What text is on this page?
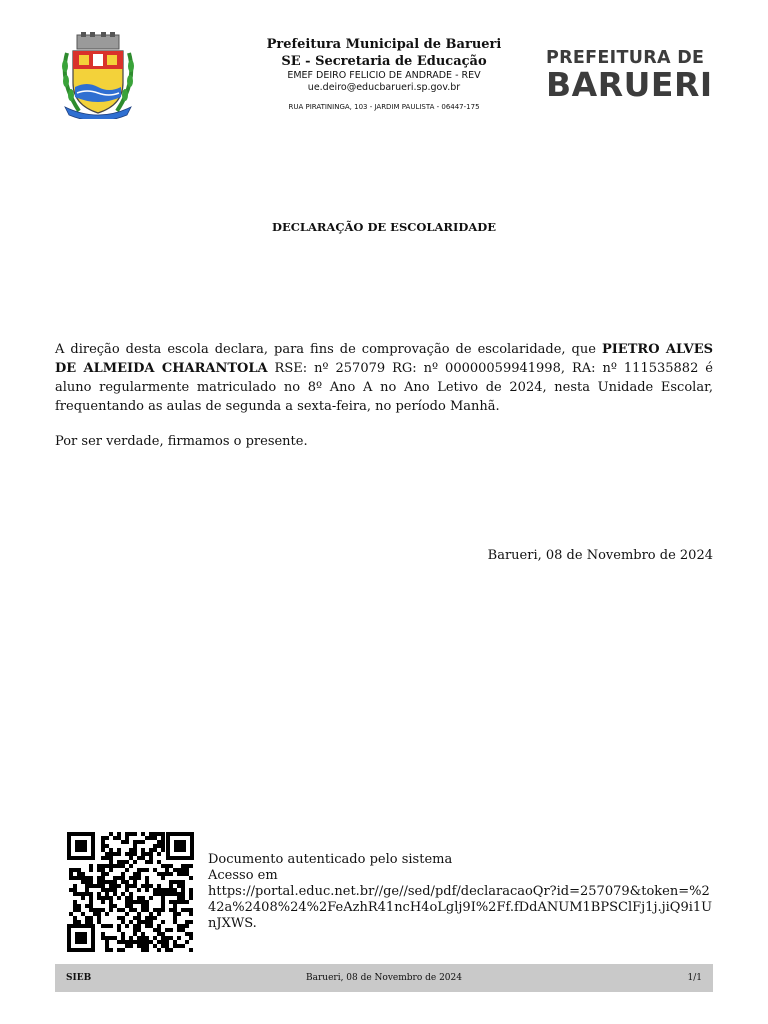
Prefeitura Municipal de Barueri
SE - Secretaria de Educação
EMEF DEIRO FELICIO DE ANDRADE - REV
ue.deiro@educbarueri.sp.gov.br
RUA PIRATININGA, 103 - JARDIM PAULISTA - 06447-175
PREFEITURA DE
BARUERI
DECLARAÇÃO DE ESCOLARIDADE

A direção desta escola declara, para fins de comprovação de escolaridade, que PIETRO ALVES DE ALMEIDA CHARANTOLA RSE: nº 257079 RG: nº 00000059941998, RA: nº 111535882 é aluno regularmente matriculado no 8º Ano A no Ano Letivo de 2024, nesta Unidade Escolar, frequentando as aulas de segunda a sexta-feira, no período Manhã.

Por ser verdade, firmamos o presente.

Barueri, 08 de Novembro de 2024
Documento autenticado pelo sistema
Acesso em
https://portal.educ.net.br//ge//sed/pdf/declaracaoQr?id=257079&token=%242a%2408%24%2FeAzhR41ncH4oLglj9I%2Ff.fDdANUM1BPSClFj1j.jiQ9i1UnJXWS.
SIEB	Barueri, 08 de Novembro de 2024	1/1
